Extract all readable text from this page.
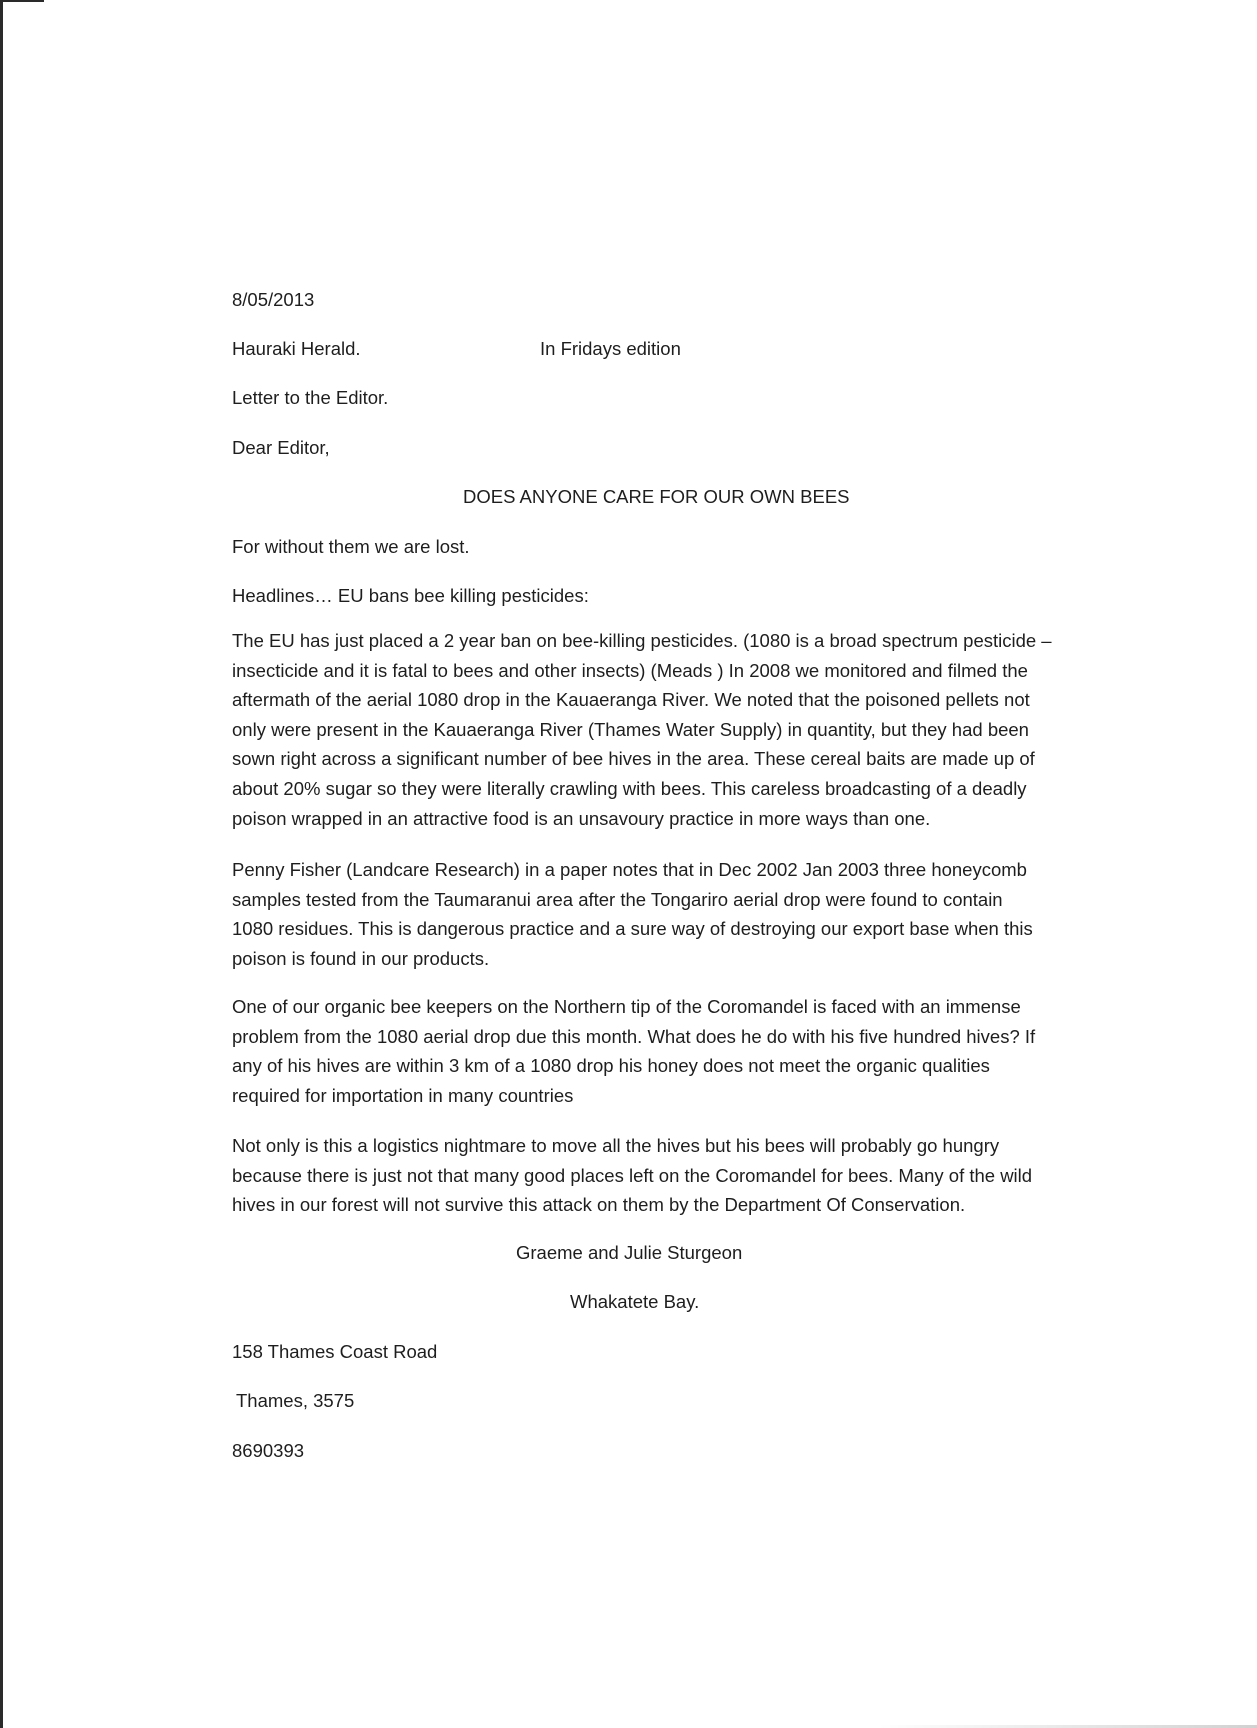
8/05/2013
Hauraki Herald.	In Fridays edition
Letter to the Editor.
Dear Editor,
DOES ANYONE CARE FOR OUR OWN BEES
For without them we are lost.
Headlines… EU bans bee killing pesticides:
The EU has just placed a 2 year ban on bee-killing pesticides. (1080 is a broad spectrum pesticide –
insecticide and it is fatal to bees and other insects) (Meads ) In 2008 we monitored and filmed the
aftermath of the aerial 1080 drop in the Kauaeranga River. We noted that the poisoned pellets not
only were present in the Kauaeranga River (Thames Water Supply) in quantity, but they had been
sown right across a significant number of bee hives in the area. These cereal baits are made up of
about 20% sugar so they were literally crawling with bees. This careless broadcasting of a deadly
poison wrapped in an attractive food is an unsavoury practice in more ways than one.
Penny Fisher (Landcare Research) in a paper notes that in Dec 2002 Jan 2003 three honeycomb
samples tested from the Taumaranui area after the Tongariro aerial drop were found to contain
1080 residues. This is dangerous practice and a sure way of destroying our export base when this
poison is found in our products.
One of our organic bee keepers on the Northern tip of the Coromandel is faced with an immense
problem from the 1080 aerial drop due this month. What does he do with his five hundred hives? If
any of his hives are within 3 km of a 1080 drop his honey does not meet the organic qualities
required for importation in many countries
Not only is this a logistics nightmare to move all the hives but his bees will probably go hungry
because there is just not that many good places left on the Coromandel for bees. Many of the wild
hives in our forest will not survive this attack on them by the Department Of Conservation.
Graeme and Julie Sturgeon
Whakatete Bay.
158 Thames Coast Road
Thames, 3575
8690393
